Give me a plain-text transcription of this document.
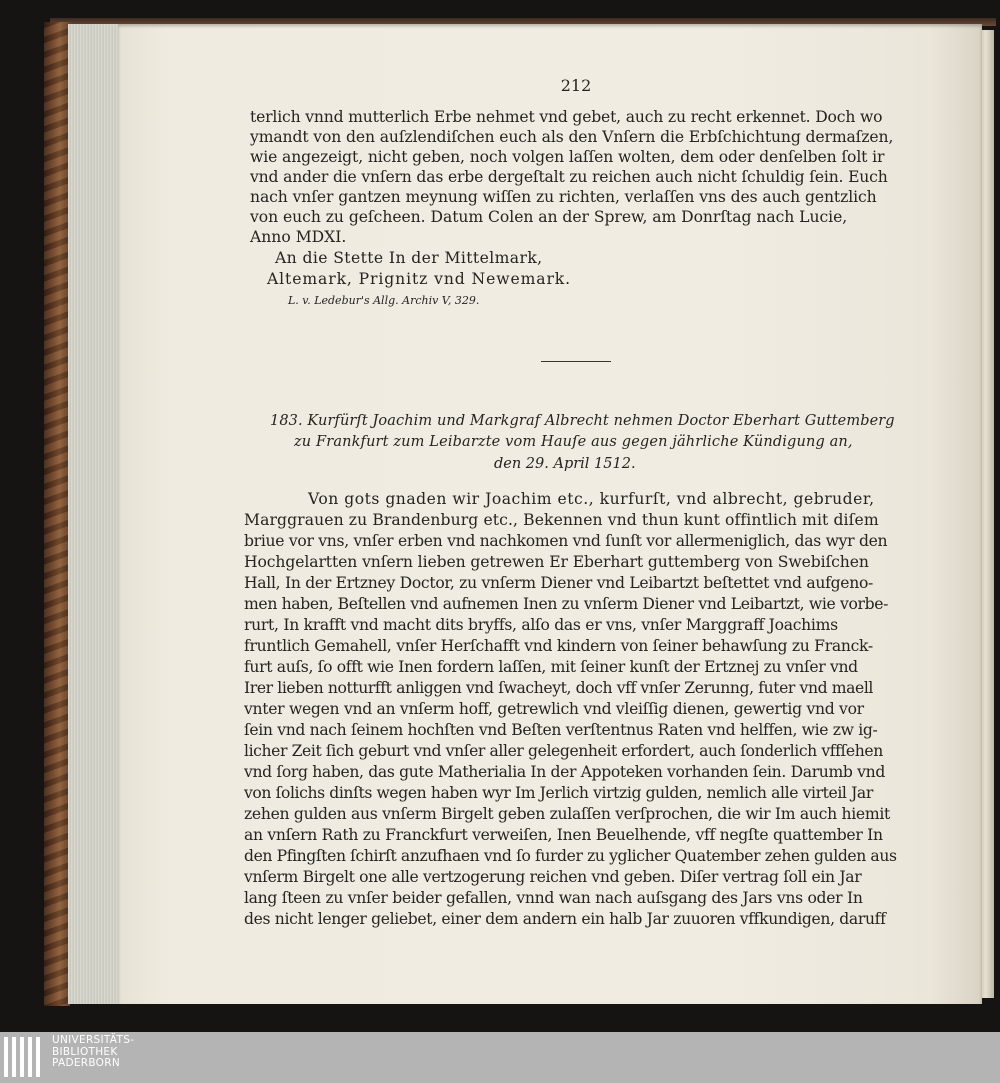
212
terlich vnnd mutterlich Erbe nehmet vnd gebet, auch zu recht erkennet. Doch wo
ymandt von den auſzlendiſchen euch als den Vnſern die Erbſchichtung dermaſzen,
wie angezeigt, nicht geben, noch volgen laſſen wolten, dem oder denſelben ſolt ir
vnd ander die vnſern das erbe dergeſtalt zu reichen auch nicht ſchuldig ſein. Euch
nach vnſer gantzen meynung wiſſen zu richten, verlaſſen vns des auch gentzlich
von euch zu geſcheen. Datum Colen an der Sprew, am Donrſtag nach Lucie,
Anno MDXI.
An die Stette In der Mittelmark,
Altemark, Prignitz vnd Newemark.
L. v. Ledebur's Allg. Archiv V, 329.
183. Kurfürſt Joachim und Markgraf Albrecht nehmen Doctor Eberhart Guttemberg
zu Frankfurt zum Leibarzte vom Hauſe aus gegen jährliche Kündigung an,
den 29. April 1512.
Von gots gnaden wir Joachim etc., kurfurſt, vnd albrecht, gebruder,
Marggrauen zu Brandenburg etc., Bekennen vnd thun kunt offintlich mit diſem
briue vor vns, vnſer erben vnd nachkomen vnd ſunſt vor allermeniglich, das wyr den
Hochgelartten vnſern lieben getrewen Er Eberhart guttemberg von Swebiſchen
Hall, In der Ertzney Doctor, zu vnſerm Diener vnd Leibartzt beſtettet vnd aufgeno-
men haben, Beſtellen vnd aufnemen Inen zu vnſerm Diener vnd Leibartzt, wie vorbe-
rurt, In krafft vnd macht dits bryffs, alſo das er vns, vnſer Marggraff Joachims
fruntlich Gemahell, vnſer Herſchafft vnd kindern von ſeiner behawſung zu Franck-
furt auſs, ſo offt wie Inen fordern laſſen, mit ſeiner kunſt der Ertznej zu vnſer vnd
Irer lieben notturfft anliggen vnd ſwacheyt, doch vff vnſer Zerunng, futer vnd maell
vnter wegen vnd an vnſerm hoff, getrewlich vnd vleiſſig dienen, gewertig vnd vor
ſein vnd nach ſeinem hochſten vnd Beſten verſtentnus Raten vnd helffen, wie zw ig-
licher Zeit ſich geburt vnd vnſer aller gelegenheit erfordert, auch ſonderlich vffſehen
vnd ſorg haben, das gute Matherialia In der Appoteken vorhanden ſein. Darumb vnd
von ſolichs dinſts wegen haben wyr Im Jerlich virtzig gulden, nemlich alle virteil Jar
zehen gulden aus vnſerm Birgelt geben zulaſſen verſprochen, die wir Im auch hiemit
an vnſern Rath zu Franckfurt verweiſen, Inen Beuelhende, vff negſte quattember In
den Pfingſten ſchirſt anzufhaen vnd ſo furder zu yglicher Quatember zehen gulden aus
vnſerm Birgelt one alle vertzogerung reichen vnd geben. Diſer vertrag ſoll ein Jar
lang ſteen zu vnſer beider gefallen, vnnd wan nach auſsgang des Jars vns oder In
des nicht lenger geliebet, einer dem andern ein halb Jar zuuoren vffkundigen, daruff
UNIVERSITÄTS-
BIBLIOTHEK
PADERBORN
